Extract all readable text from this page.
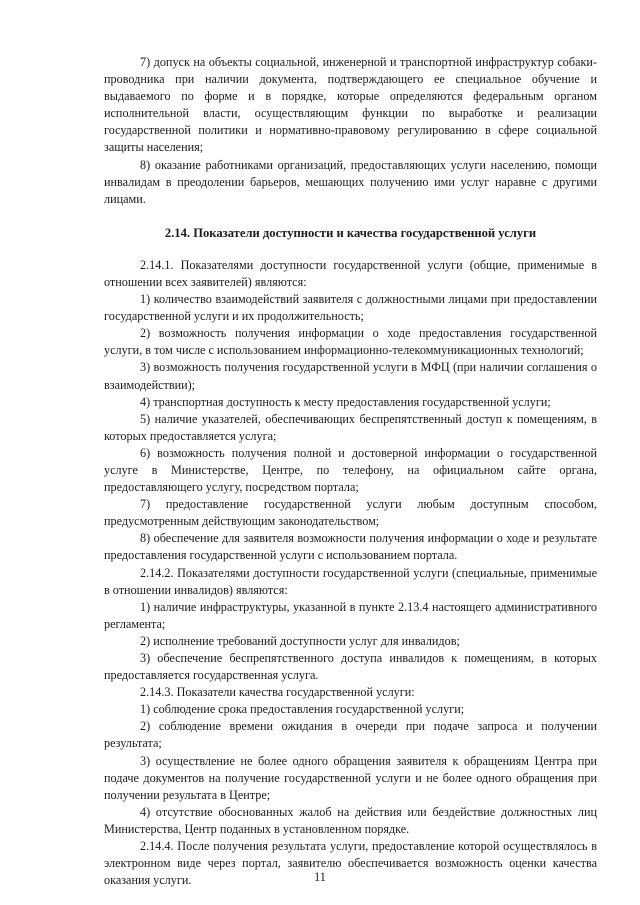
7) допуск на объекты социальной, инженерной и транспортной инфраструктур собаки-проводника при наличии документа, подтверждающего ее специальное обучение и выдаваемого по форме и в порядке, которые определяются федеральным органом исполнительной власти, осуществляющим функции по выработке и реализации государственной политики и нормативно-правовому регулированию в сфере социальной защиты населения;

8) оказание работниками организаций, предоставляющих услуги населению, помощи инвалидам в преодолении барьеров, мешающих получению ими услуг наравне с другими лицами.

2.14. Показатели доступности и качества государственной услуги

2.14.1. Показателями доступности государственной услуги (общие, применимые в отношении всех заявителей) являются:

1) количество взаимодействий заявителя с должностными лицами при предоставлении государственной услуги и их продолжительность;

2) возможность получения информации о ходе предоставления государственной услуги, в том числе с использованием информационно-телекоммуникационных технологий;

3) возможность получения государственной услуги в МФЦ (при наличии соглашения о взаимодействии);

4) транспортная доступность к месту предоставления государственной услуги;

5) наличие указателей, обеспечивающих беспрепятственный доступ к помещениям, в которых предоставляется услуга;

6) возможность получения полной и достоверной информации о государственной услуге в Министерстве, Центре, по телефону, на официальном сайте органа, предоставляющего услугу, посредством портала;

7) предоставление государственной услуги любым доступным способом, предусмотренным действующим законодательством;

8) обеспечение для заявителя возможности получения информации о ходе и результате предоставления государственной услуги с использованием портала.

2.14.2. Показателями доступности государственной услуги (специальные, применимые в отношении инвалидов) являются:

1) наличие инфраструктуры, указанной в пункте 2.13.4 настоящего административного регламента;

2) исполнение требований доступности услуг для инвалидов;

3) обеспечение беспрепятственного доступа инвалидов к помещениям, в которых предоставляется государственная услуга.

2.14.3. Показатели качества государственной услуги:

1) соблюдение срока предоставления государственной услуги;

2) соблюдение времени ожидания в очереди при подаче запроса и получении результата;

3) осуществление не более одного обращения заявителя к обращениям Центра при подаче документов на получение государственной услуги и не более одного обращения при получении результата в Центре;

4) отсутствие обоснованных жалоб на действия или бездействие должностных лиц Министерства, Центр поданных в установленном порядке.

2.14.4. После получения результата услуги, предоставление которой осуществлялось в электронном виде через портал, заявителю обеспечивается возможность оценки качества оказания услуги.	11
